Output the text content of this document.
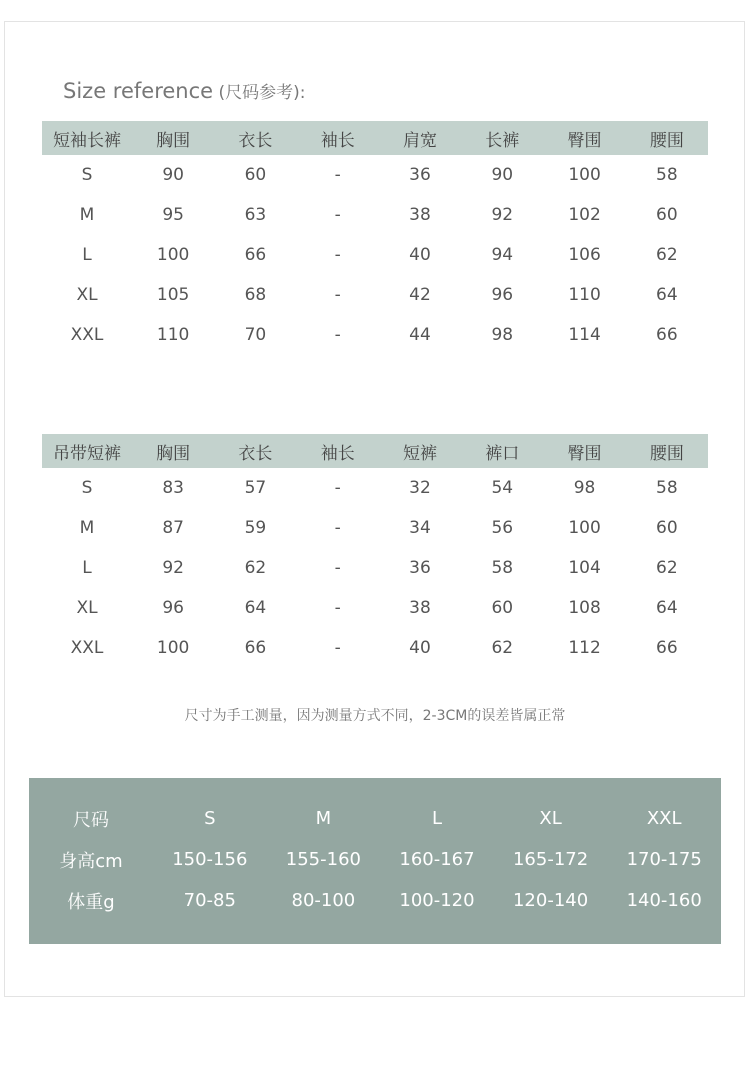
Size reference (尺码参考):
短袖长裤	胸围	衣长	袖长	肩宽	长裤	臀围	腰围
S	90	60	-	36	90	100	58
M	95	63	-	38	92	102	60
L	100	66	-	40	94	106	62
XL	105	68	-	42	96	110	64
XXL	110	70	-	44	98	114	66
吊带短裤	胸围	衣长	袖长	短裤	裤口	臀围	腰围
S	83	57	-	32	54	98	58
M	87	59	-	34	56	100	60
L	92	62	-	36	58	104	62
XL	96	64	-	38	60	108	64
XXL	100	66	-	40	62	112	66
尺寸为手工测量，因为测量方式不同，2-3CM的误差皆属正常
尺码	S	M	L	XL	XXL
身高cm	150-156	155-160	160-167	165-172	170-175
体重g	70-85	80-100	100-120	120-140	140-160
